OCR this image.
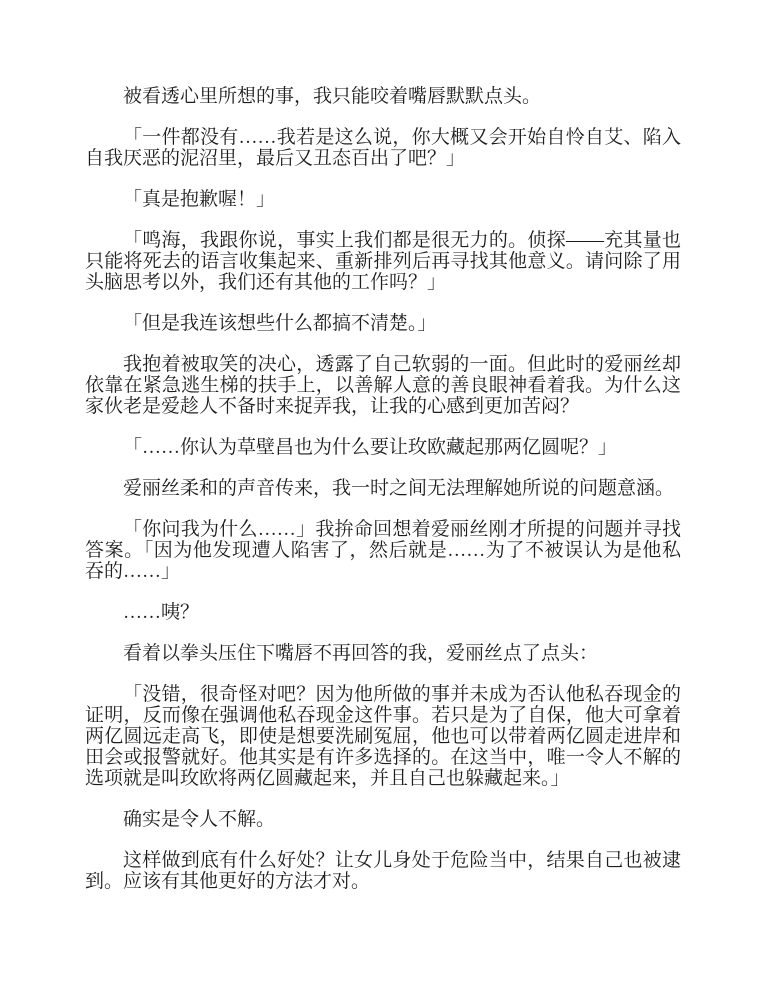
被看透心里所想的事，我只能咬着嘴唇默默点头。

「一件都没有……我若是这么说，你大概又会开始自怜自艾、陷入自我厌恶的泥沼里，最后又丑态百出了吧？」

「真是抱歉喔！」

「鸣海，我跟你说，事实上我们都是很无力的。侦探——充其量也只能将死去的语言收集起来、重新排列后再寻找其他意义。请问除了用头脑思考以外，我们还有其他的工作吗？」

「但是我连该想些什么都搞不清楚。」

我抱着被取笑的决心，透露了自己软弱的一面。但此时的爱丽丝却依靠在紧急逃生梯的扶手上，以善解人意的善良眼神看着我。为什么这家伙老是爱趁人不备时来捉弄我，让我的心感到更加苦闷？

「……你认为草壁昌也为什么要让玫欧藏起那两亿圆呢？」

爱丽丝柔和的声音传来，我一时之间无法理解她所说的问题意涵。

「你问我为什么……」我拚命回想着爱丽丝刚才所提的问题并寻找答案。「因为他发现遭人陷害了，然后就是……为了不被误认为是他私吞的……」

……咦？

看着以拳头压住下嘴唇不再回答的我，爱丽丝点了点头：

「没错，很奇怪对吧？因为他所做的事并未成为否认他私吞现金的证明，反而像在强调他私吞现金这件事。若只是为了自保，他大可拿着两亿圆远走高飞，即使是想要洗刷冤屈，他也可以带着两亿圆走进岸和田会或报警就好。他其实是有许多选择的。在这当中，唯一令人不解的选项就是叫玫欧将两亿圆藏起来，并且自己也躲藏起来。」

确实是令人不解。

这样做到底有什么好处？让女儿身处于危险当中，结果自己也被逮到。应该有其他更好的方法才对。
